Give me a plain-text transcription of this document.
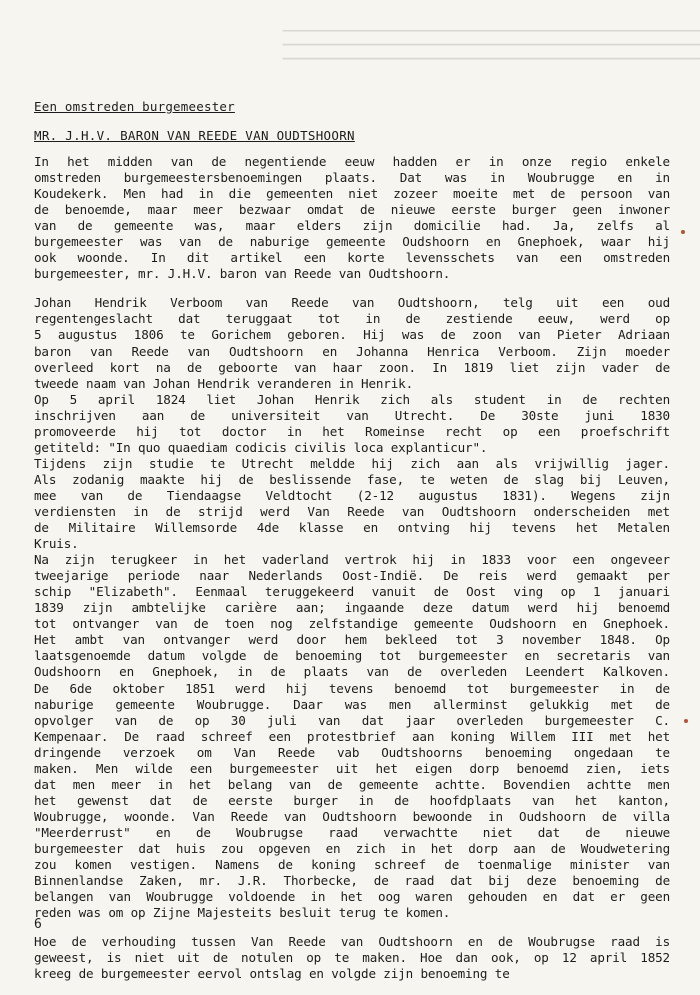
▔▔▔▔▔▔▔▔▔▔▔▔▔▔▔▔▔▔▔▔▔▔▔▔▔▔▔▔▔▔▔▔▔▔▔▔▔▔▔▔▔▔▔▔▔▔▔▔▔▔▔▔▔▔▔▔▔▔▔▔▔▔▔
▔▔▔▔▔▔▔▔▔▔▔▔▔▔▔▔▔▔▔▔▔▔▔▔▔▔▔▔▔▔▔▔▔▔▔▔▔▔▔▔▔▔▔▔▔▔▔▔▔▔▔▔▔▔▔▔▔▔▔▔▔▔▔
▔▔▔▔▔▔▔▔▔▔▔▔▔▔▔▔▔▔▔▔▔▔▔▔▔▔▔▔▔▔▔▔▔▔▔▔▔▔▔▔▔▔▔▔▔▔▔▔▔▔▔▔▔▔▔▔▔▔▔▔▔▔▔
Een omstreden burgemeester
MR. J.H.V. BARON VAN REEDE VAN OUDTSHOORN
In het midden van de negentiende eeuw hadden er in onze regio enkele
omstreden burgemeestersbenoemingen plaats. Dat was in Woubrugge en in
Koudekerk. Men had in die gemeenten niet zozeer moeite met de persoon van
de benoemde, maar meer bezwaar omdat de nieuwe eerste burger geen inwoner
van de gemeente was, maar elders zijn domicilie had. Ja, zelfs al
burgemeester was van de naburige gemeente Oudshoorn en Gnephoek, waar hij
ook woonde. In dit artikel een korte levensschets van een omstreden
burgemeester, mr. J.H.V. baron van Reede van Oudtshoorn.
Johan Hendrik Verboom van Reede van Oudtshoorn, telg uit een oud
regentengeslacht dat teruggaat tot in de zestiende eeuw, werd op
5 augustus 1806 te Gorichem geboren. Hij was de zoon van Pieter Adriaan
baron van Reede van Oudtshoorn en Johanna Henrica Verboom. Zijn moeder
overleed kort na de geboorte van haar zoon. In 1819 liet zijn vader de
tweede naam van Johan Hendrik veranderen in Henrik.
Op 5 april 1824 liet Johan Henrik zich als student in de rechten
inschrijven aan de universiteit van Utrecht. De 30ste juni 1830
promoveerde hij tot doctor in het Romeinse recht op een proefschrift
getiteld: "In quo quaediam codicis civilis loca explanticur".
Tijdens zijn studie te Utrecht meldde hij zich aan als vrijwillig jager.
Als zodanig maakte hij de beslissende fase, te weten de slag bij Leuven,
mee van de Tiendaagse Veldtocht (2-12 augustus 1831). Wegens zijn
verdiensten in de strijd werd Van Reede van Oudtshoorn onderscheiden met
de Militaire Willemsorde 4de klasse en ontving hij tevens het Metalen
Kruis.
Na zijn terugkeer in het vaderland vertrok hij in 1833 voor een ongeveer
tweejarige periode naar Nederlands Oost-Indië. De reis werd gemaakt per
schip "Elizabeth". Eenmaal teruggekeerd vanuit de Oost ving op 1 januari
1839 zijn ambtelijke carière aan; ingaande deze datum werd hij benoemd
tot ontvanger van de toen nog zelfstandige gemeente Oudshoorn en Gnephoek.
Het ambt van ontvanger werd door hem bekleed tot 3 november 1848. Op
laatsgenoemde datum volgde de benoeming tot burgemeester en secretaris van
Oudshoorn en Gnephoek, in de plaats van de overleden Leendert Kalkoven.
De 6de oktober 1851 werd hij tevens benoemd tot burgemeester in de
naburige gemeente Woubrugge. Daar was men allerminst gelukkig met de
opvolger van de op 30 juli van dat jaar overleden burgemeester C.
Kempenaar. De raad schreef een protestbrief aan koning Willem III met het
dringende verzoek om Van Reede vab Oudtshoorns benoeming ongedaan te
maken. Men wilde een burgemeester uit het eigen dorp benoemd zien, iets
dat men meer in het belang van de gemeente achtte. Bovendien achtte men
het gewenst dat de eerste burger in de hoofdplaats van het kanton,
Woubrugge, woonde. Van Reede van Oudtshoorn bewoonde in Oudshoorn de villa
"Meerderrust" en de Woubrugse raad verwachtte niet dat de nieuwe
burgemeester dat huis zou opgeven en zich in het dorp aan de Woudwetering
zou komen vestigen. Namens de koning schreef de toenmalige minister van
Binnenlandse Zaken, mr. J.R. Thorbecke, de raad dat bij deze benoeming de
belangen van Woubrugge voldoende in het oog waren gehouden en dat er geen
reden was om op Zijne Majesteits besluit terug te komen.
Hoe de verhouding tussen Van Reede van Oudtshoorn en de Woubrugse raad is
geweest, is niet uit de notulen op te maken. Hoe dan ook, op 12 april 1852
kreeg de burgemeester eervol ontslag en volgde zijn benoeming te
6
